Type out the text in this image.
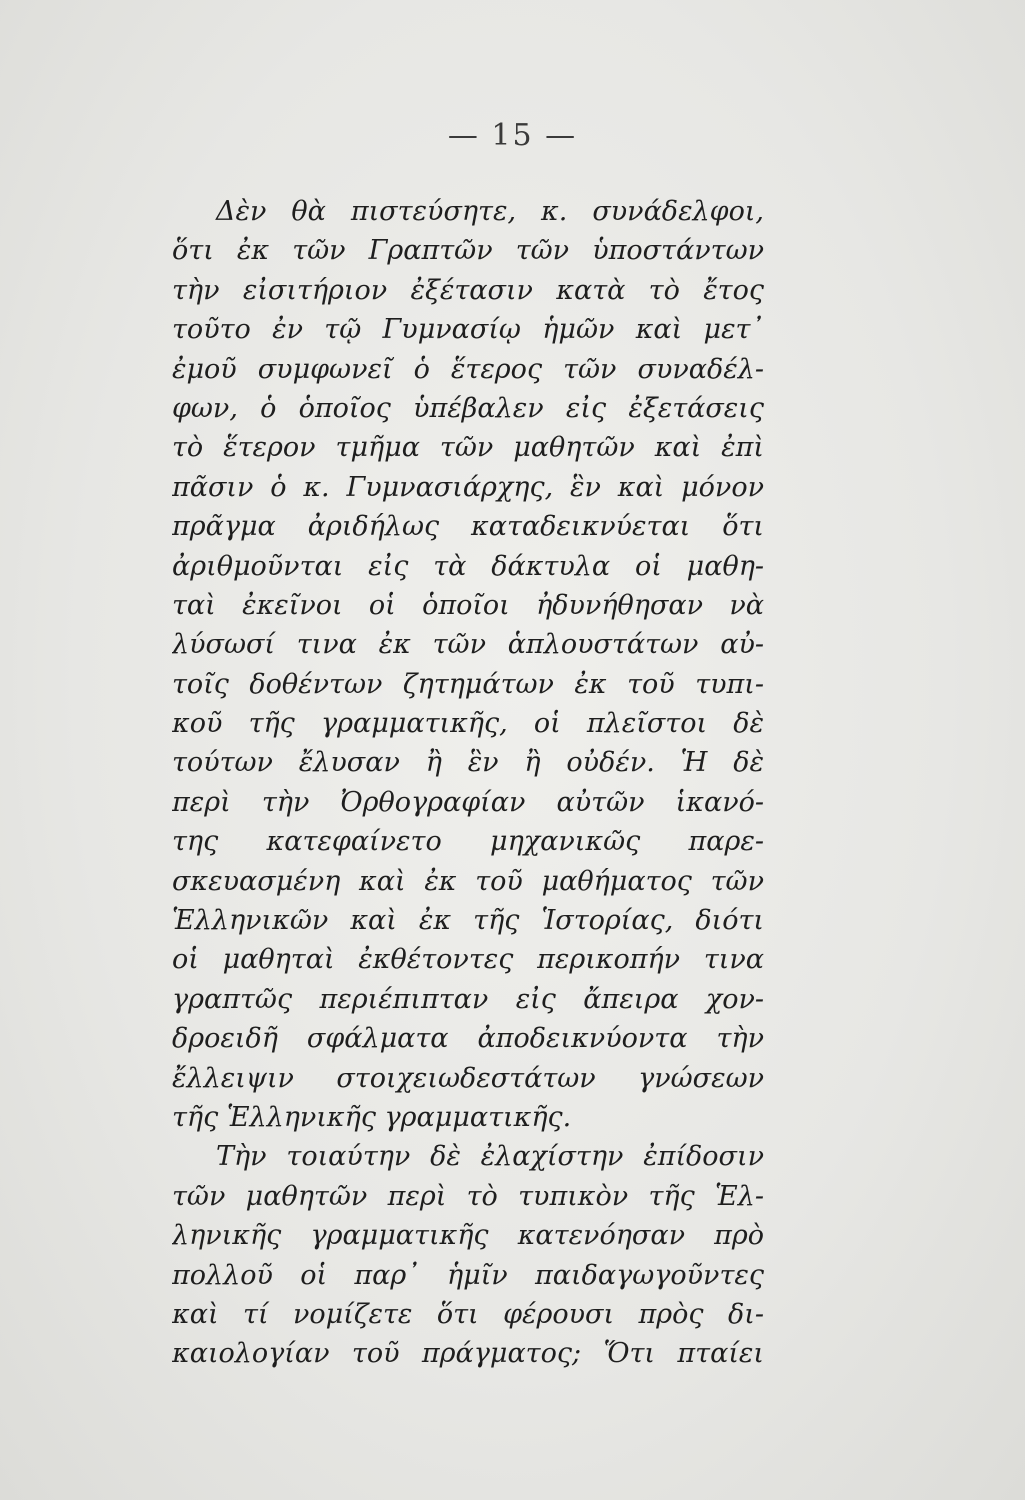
— 15 —
Δὲν θὰ πιστεύσητε, κ. συνάδελφοι,
ὅτι ἐκ τῶν Γραπτῶν τῶν ὑποστάντων
τὴν εἰσιτήριον ἐξέτασιν κατὰ τὸ ἔτος
τοῦτο ἐν τῷ Γυμνασίῳ ἡμῶν καὶ μετ᾽
ἐμοῦ συμφωνεῖ ὁ ἕτερος τῶν συναδέλ-
φων, ὁ ὁποῖος ὑπέβαλεν εἰς ἐξετάσεις
τὸ ἕτερον τμῆμα τῶν μαθητῶν καὶ ἐπὶ
πᾶσιν ὁ κ. Γυμνασιάρχης, ἓν καὶ μόνον
πρᾶγμα ἀριδήλως καταδεικνύεται ὅτι
ἀριθμοῦνται εἰς τὰ δάκτυλα οἱ μαθη-
ταὶ ἐκεῖνοι οἱ ὁποῖοι ἠδυνήθησαν νὰ
λύσωσί τινα ἐκ τῶν ἁπλουστάτων αὐ-
τοῖς δοθέντων ζητημάτων ἐκ τοῦ τυπι-
κοῦ τῆς γραμματικῆς, οἱ πλεῖστοι δὲ
τούτων ἔλυσαν ἢ ἓν ἢ οὐδέν. Ἡ δὲ
περὶ τὴν Ὀρθογραφίαν αὐτῶν ἱκανό-
της κατεφαίνετο μηχανικῶς παρε-
σκευασμένη καὶ ἐκ τοῦ μαθήματος τῶν
Ἑλληνικῶν καὶ ἐκ τῆς Ἱστορίας, διότι
οἱ μαθηταὶ ἐκθέτοντες περικοπήν τινα
γραπτῶς περιέπιπταν εἰς ἄπειρα χον-
δροειδῆ σφάλματα ἀποδεικνύοντα τὴν
ἔλλειψιν στοιχειωδεστάτων γνώσεων
τῆς Ἑλληνικῆς γραμματικῆς.
Τὴν τοιαύτην δὲ ἐλαχίστην ἐπίδοσιν
τῶν μαθητῶν περὶ τὸ τυπικὸν τῆς Ἑλ-
ληνικῆς γραμματικῆς κατενόησαν πρὸ
πολλοῦ οἱ παρ᾽ ἡμῖν παιδαγωγοῦντες
καὶ τί νομίζετε ὅτι φέρουσι πρὸς δι-
καιολογίαν τοῦ πράγματος; Ὅτι πταίει
